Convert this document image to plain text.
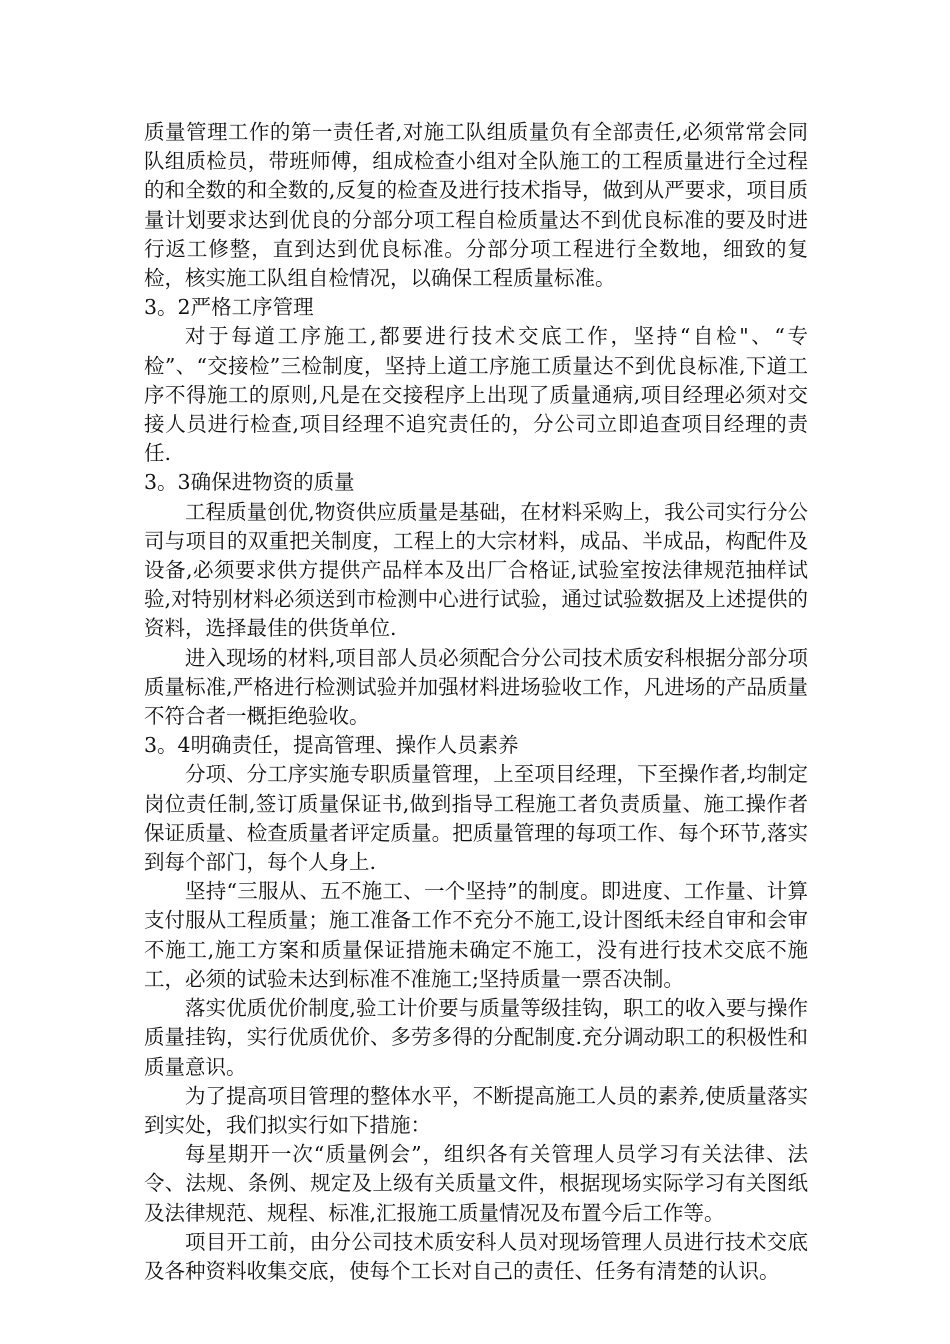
质量管理工作的第一责任者,对施工队组质量负有全部责任,必须常常会同队组质检员，带班师傅，组成检查小组对全队施工的工程质量进行全过程的和全数的和全数的,反复的检查及进行技术指导，做到从严要求，项目质量计划要求达到优良的分部分项工程自检质量达不到优良标准的要及时进行返工修整，直到达到优良标准。分部分项工程进行全数地，细致的复检，核实施工队组自检情况，以确保工程质量标准。

3。2严格工序管理

对于每道工序施工,都要进行技术交底工作，坚持“自检"、“专检”、“交接检”三检制度，坚持上道工序施工质量达不到优良标准,下道工序不得施工的原则,凡是在交接程序上出现了质量通病,项目经理必须对交接人员进行检查,项目经理不追究责任的，分公司立即追查项目经理的责任.

3。3确保进物资的质量

工程质量创优,物资供应质量是基础，在材料采购上，我公司实行分公司与项目的双重把关制度，工程上的大宗材料，成品、半成品，构配件及设备,必须要求供方提供产品样本及出厂合格证,试验室按法律规范抽样试验,对特别材料必须送到市检测中心进行试验，通过试验数据及上述提供的资料，选择最佳的供货单位.

进入现场的材料,项目部人员必须配合分公司技术质安科根据分部分项质量标准,严格进行检测试验并加强材料进场验收工作，凡进场的产品质量不符合者一概拒绝验收。

3。4明确责任，提高管理、操作人员素养

分项、分工序实施专职质量管理，上至项目经理，下至操作者,均制定岗位责任制,签订质量保证书,做到指导工程施工者负责质量、施工操作者保证质量、检查质量者评定质量。把质量管理的每项工作、每个环节,落实到每个部门，每个人身上.

坚持“三服从、五不施工、一个坚持”的制度。即进度、工作量、计算支付服从工程质量；施工准备工作不充分不施工,设计图纸未经自审和会审不施工,施工方案和质量保证措施未确定不施工，没有进行技术交底不施工，必须的试验未达到标准不准施工;坚持质量一票否决制。

落实优质优价制度,验工计价要与质量等级挂钩，职工的收入要与操作质量挂钩，实行优质优价、多劳多得的分配制度.充分调动职工的积极性和质量意识。

为了提高项目管理的整体水平，不断提高施工人员的素养,使质量落实到实处，我们拟实行如下措施：

每星期开一次“质量例会”，组织各有关管理人员学习有关法律、法令、法规、条例、规定及上级有关质量文件，根据现场实际学习有关图纸及法律规范、规程、标准,汇报施工质量情况及布置今后工作等。

项目开工前，由分公司技术质安科人员对现场管理人员进行技术交底及各种资料收集交底，使每个工长对自己的责任、任务有清楚的认识。
